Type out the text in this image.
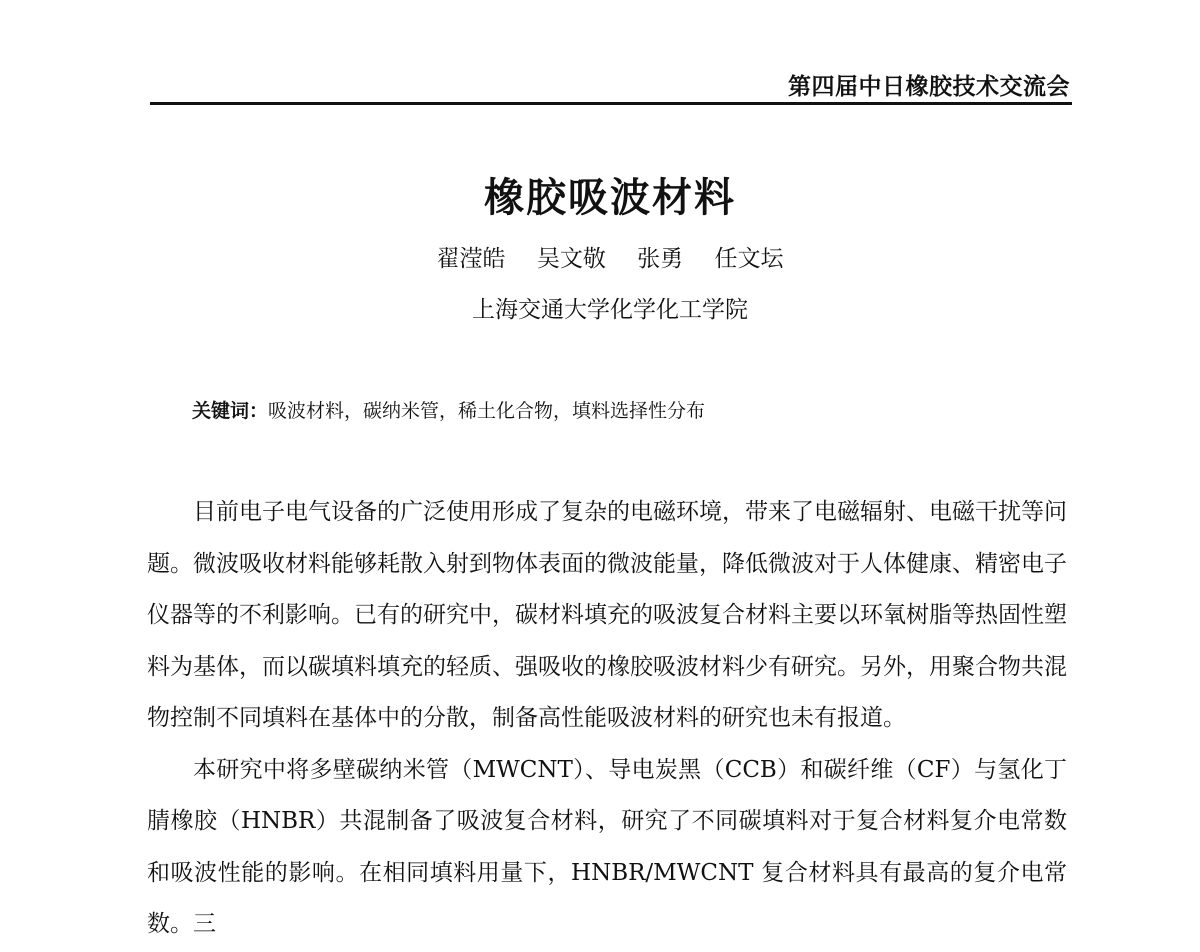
第四届中日橡胶技术交流会
橡胶吸波材料
翟滢皓 吴文敬 张勇 任文坛
上海交通大学化学化工学院
关键词：吸波材料，碳纳米管，稀土化合物，填料选择性分布

目前电子电气设备的广泛使用形成了复杂的电磁环境，带来了电磁辐射、电磁干扰等问题。微波吸收材料能够耗散入射到物体表面的微波能量，降低微波对于人体健康、精密电子仪器等的不利影响。已有的研究中，碳材料填充的吸波复合材料主要以环氧树脂等热固性塑料为基体，而以碳填料填充的轻质、强吸收的橡胶吸波材料少有研究。另外，用聚合物共混物控制不同填料在基体中的分散，制备高性能吸波材料的研究也未有报道。

本研究中将多壁碳纳米管（MWCNT）、导电炭黑（CCB）和碳纤维（CF）与氢化丁腈橡胶（HNBR）共混制备了吸波复合材料，研究了不同碳填料对于复合材料复介电常数和吸波性能的影响。在相同填料用量下，HNBR/MWCNT 复合材料具有最高的复介电常数。三
